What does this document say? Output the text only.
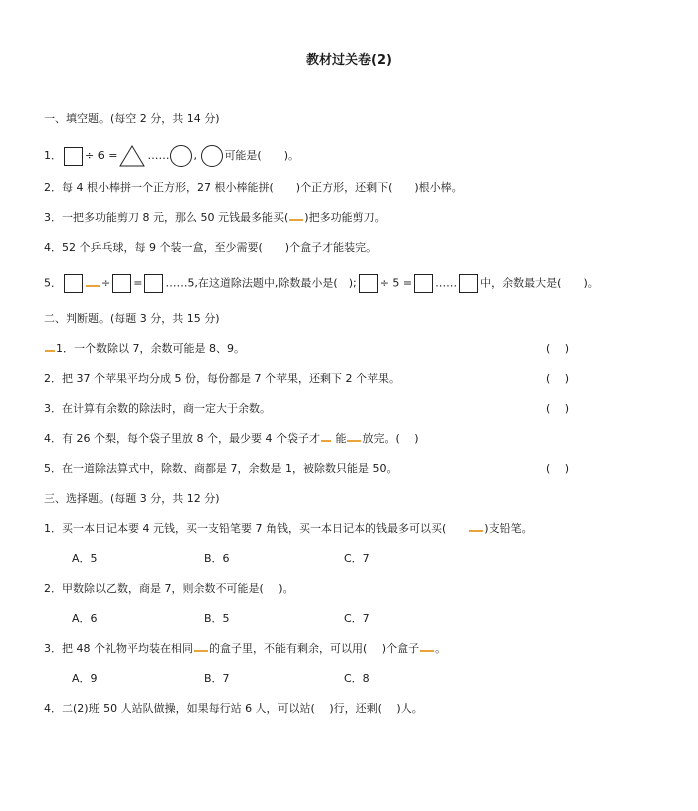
教材过关卷(2)
一、填空题。(每空 2 分，共 14 分)
1． ÷ 6 =	…… ,	可能是(　　)。
2．每 4 根小棒拼一个正方形，27 根小棒能拼(　　)个正方形，还剩下(　　)根小棒。
3．一把多功能剪刀 8 元，那么 50 元钱最多能买( )把多功能剪刀。
4．52 个乒乓球，每 9 个装一盒，至少需要(　　)个盒子才能装完。
5．	÷ = ……5,在这道除法题中,除数最小是(　); ÷ 5 = …… 中，余数最大是(　　)。
二、判断题。(每题 3 分，共 15 分)
1．一个数除以 7，余数可能是 8、9。	(　 )
2．把 37 个苹果平均分成 5 份，每份都是 7 个苹果，还剩下 2 个苹果。	(　 )
3．在计算有余数的除法时，商一定大于余数。	(　 )
4．有 26 个梨，每个袋子里放 8 个，最少要 4 个袋子才 能 放完。(　 )
5．在一道除法算式中，除数、商都是 7，余数是 1，被除数只能是 50。	(　 )
三、选择题。(每题 3 分，共 12 分)
1．买一本日记本要 4 元钱，买一支铅笔要 7 角钱，买一本日记本的钱最多可以买(	)支铅笔。
A．5	B．6	C．7
2．甲数除以乙数，商是 7，则余数不可能是(　 )。
A．6	B．5	C．7
3．把 48 个礼物平均装在相同 的盒子里，不能有剩余，可以用(　 )个盒子 。
A．9	B．7	C．8
4．二(2)班 50 人站队做操，如果每行站 6 人，可以站(　 )行，还剩(　 )人。
